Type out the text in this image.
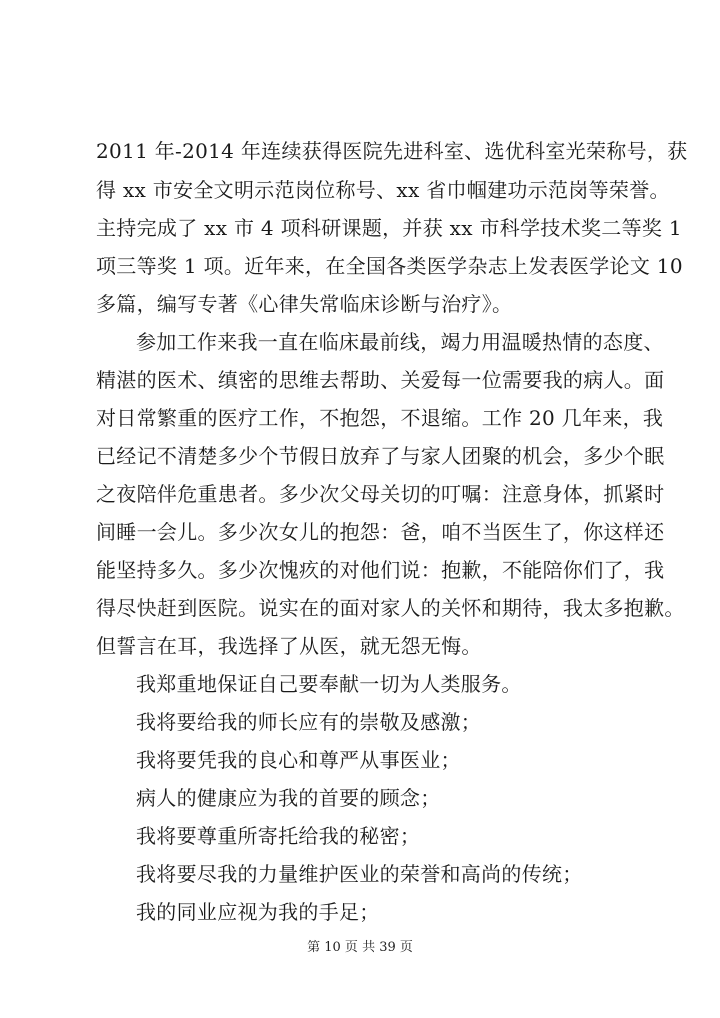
2011 年-2014 年连续获得医院先进科室、选优科室光荣称号，获
得 xx 市安全文明示范岗位称号、xx 省巾帼建功示范岗等荣誉。
主持完成了 xx 市 4 项科研课题，并获 xx 市科学技术奖二等奖 1
项三等奖 1 项。近年来，在全国各类医学杂志上发表医学论文 10
多篇，编写专著《心律失常临床诊断与治疗》。
参加工作来我一直在临床最前线，竭力用温暖热情的态度、
精湛的医术、缜密的思维去帮助、关爱每一位需要我的病人。面
对日常繁重的医疗工作，不抱怨，不退缩。工作 20 几年来，我
已经记不清楚多少个节假日放弃了与家人团聚的机会，多少个眠
之夜陪伴危重患者。多少次父母关切的叮嘱：注意身体，抓紧时
间睡一会儿。多少次女儿的抱怨：爸，咱不当医生了，你这样还
能坚持多久。多少次愧疚的对他们说：抱歉，不能陪你们了，我
得尽快赶到医院。说实在的面对家人的关怀和期待，我太多抱歉。
但誓言在耳，我选择了从医，就无怨无悔。
我郑重地保证自己要奉献一切为人类服务。
我将要给我的师长应有的崇敬及感激；
我将要凭我的良心和尊严从事医业；
病人的健康应为我的首要的顾念；
我将要尊重所寄托给我的秘密；
我将要尽我的力量维护医业的荣誉和高尚的传统；
我的同业应视为我的手足；
第 10 页 共 39 页
